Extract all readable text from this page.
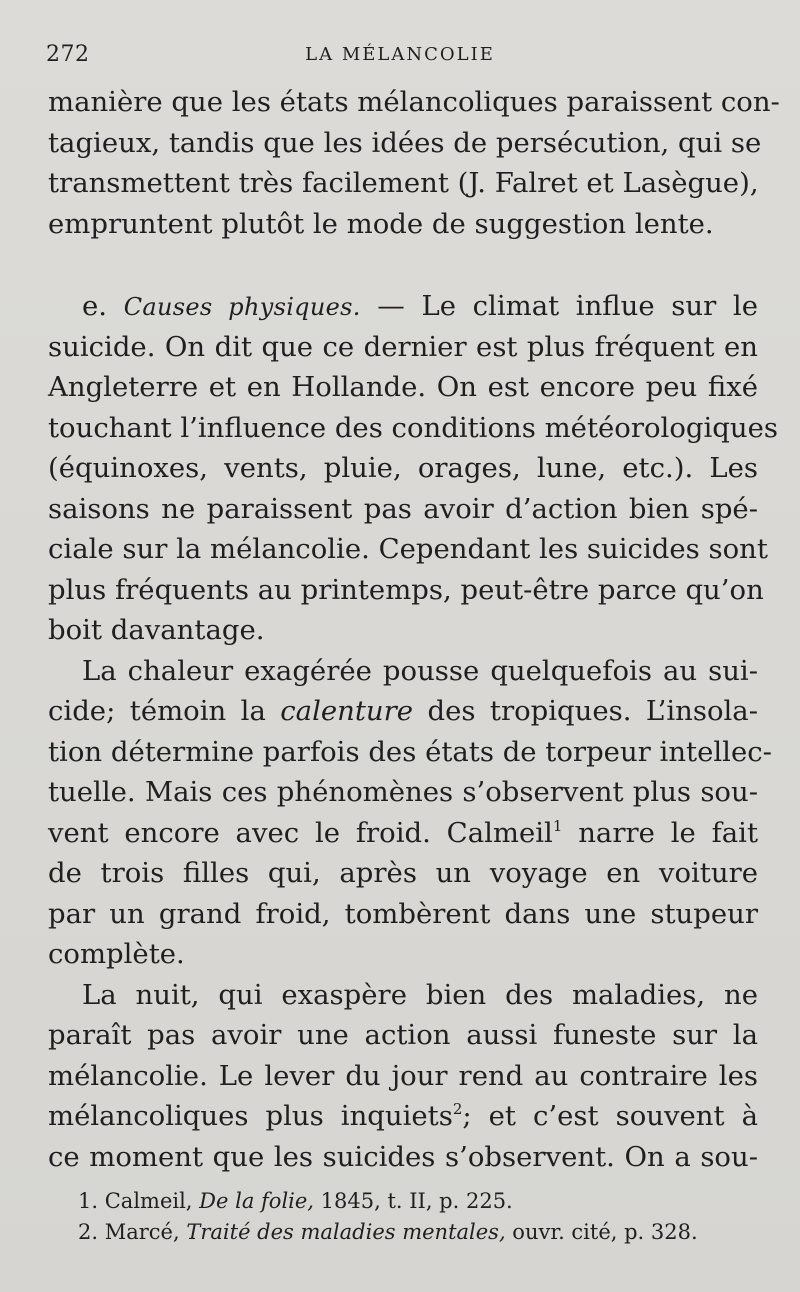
272	LA MÉLANCOLIE
manière que les états mélancoliques paraissent con-
tagieux, tandis que les idées de persécution, qui se
transmettent très facilement (J. Falret et Lasègue),
empruntent plutôt le mode de suggestion lente.
e. Causes physiques. — Le climat influe sur le
suicide. On dit que ce dernier est plus fréquent en
Angleterre et en Hollande. On est encore peu fixé
touchant l’influence des conditions météorologiques
(équinoxes, vents, pluie, orages, lune, etc.). Les
saisons ne paraissent pas avoir d’action bien spé-
ciale sur la mélancolie. Cependant les suicides sont
plus fréquents au printemps, peut-être parce qu’on
boit davantage.
La chaleur exagérée pousse quelquefois au sui-
cide; témoin la calenture des tropiques. L’insola-
tion détermine parfois des états de torpeur intellec-
tuelle. Mais ces phénomènes s’observent plus sou-
vent encore avec le froid. Calmeil$^1$ narre le fait
de trois filles qui, après un voyage en voiture
par un grand froid, tombèrent dans une stupeur
complète.
La nuit, qui exaspère bien des maladies, ne
paraît pas avoir une action aussi funeste sur la
mélancolie. Le lever du jour rend au contraire les
mélancoliques plus inquiets$^2$; et c’est souvent à
ce moment que les suicides s’observent. On a sou-
1. Calmeil, De la folie, 1845, t. II, p. 225.
2. Marcé, Traité des maladies mentales, ouvr. cité, p. 328.
